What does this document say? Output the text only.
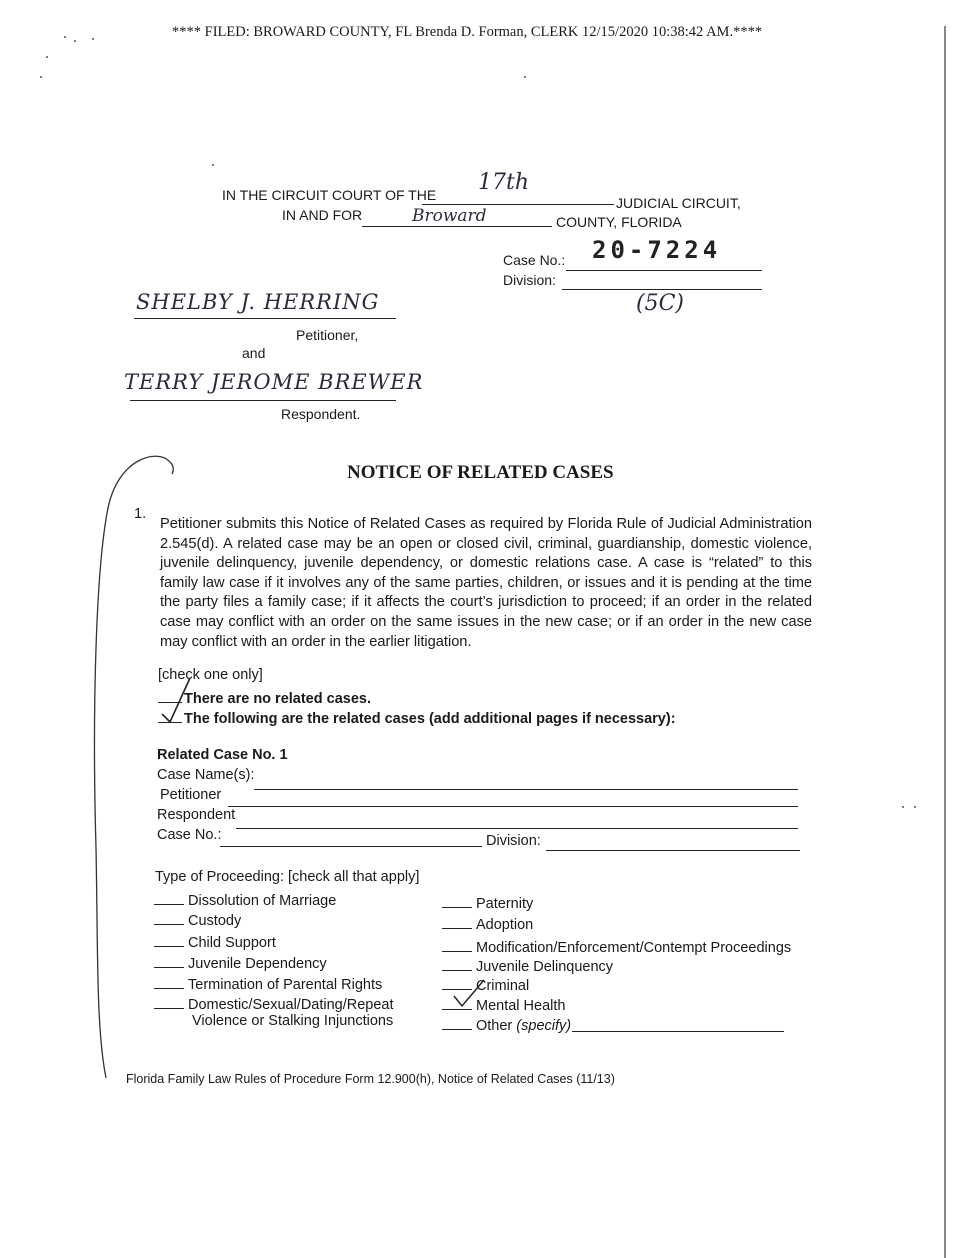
**** FILED: BROWARD COUNTY, FL Brenda D. Forman, CLERK 12/15/2020 10:38:42 AM.****
IN THE CIRCUIT COURT OF THE 17th
JUDICIAL CIRCUIT,
IN AND FOR	Broward	COUNTY, FLORIDA
Case No.: 20-7224
Division:
(5C)
SHELBY J. HERRING
Petitioner,
and
TERRY JEROME BREWER
Respondent.
NOTICE OF RELATED CASES
1.
Petitioner submits this Notice of Related Cases as required by Florida Rule of Judicial Administration 2.545(d). A related case may be an open or closed civil, criminal, guardianship, domestic violence, juvenile delinquency, juvenile dependency, or domestic relations case. A case is “related” to this family law case if it involves any of the same parties, children, or issues and it is pending at the time the party files a family case; if it affects the court’s jurisdiction to proceed; if an order in the related case may conflict with an order on the same issues in the new case; or if an order in the new case may conflict with an order in the earlier litigation.
[check one only]
There are no related cases.
The following are the related cases (add additional pages if necessary):
Related Case No. 1
Case Name(s):
Petitioner
Respondent
Case No.:	Division:
Type of Proceeding: [check all that apply]
Dissolution of Marriage
Custody
Child Support
Juvenile Dependency
Termination of Parental Rights
Domestic/Sexual/Dating/Repeat
Violence or Stalking Injunctions
Paternity
Adoption
Modification/Enforcement/Contempt Proceedings
Juvenile Delinquency
Criminal
Mental Health
Other (specify)
Florida Family Law Rules of Procedure Form 12.900(h), Notice of Related Cases (11/13)
